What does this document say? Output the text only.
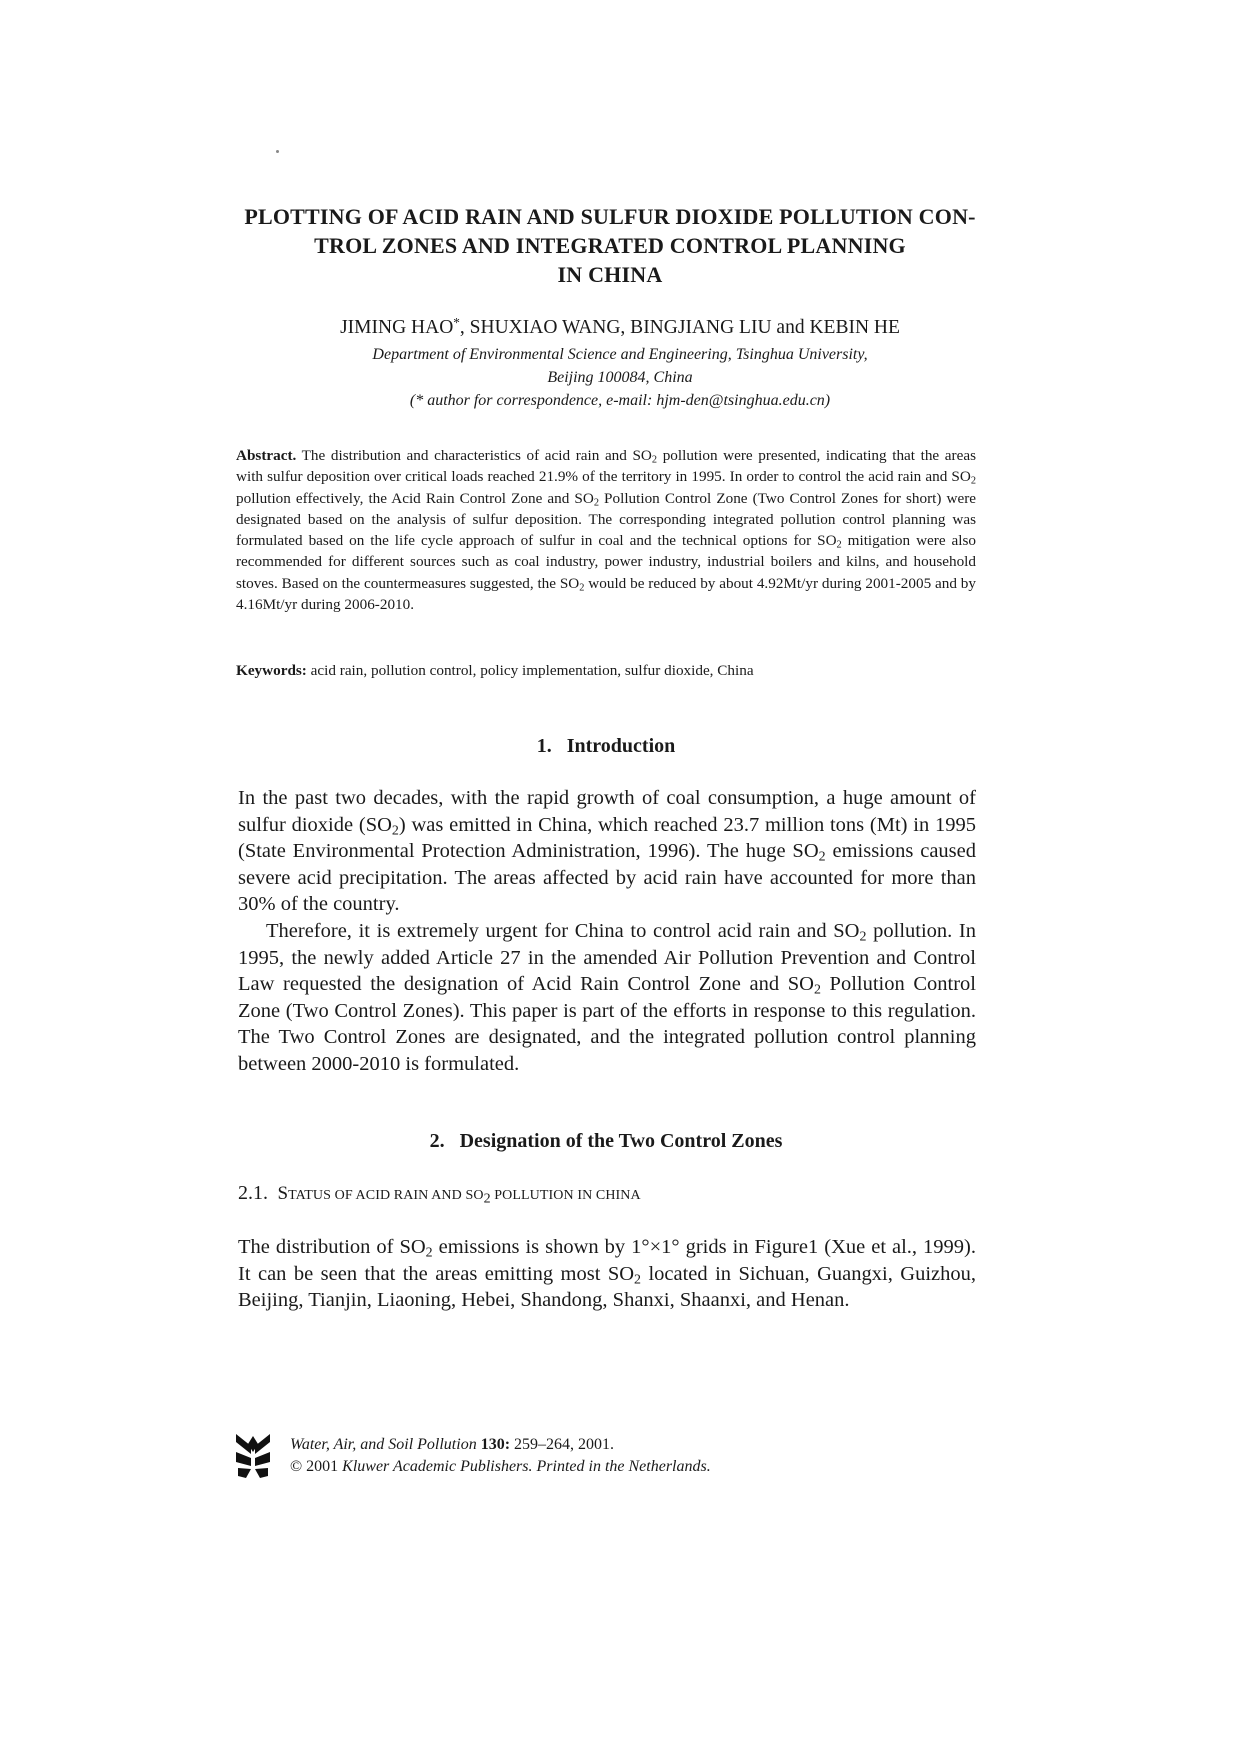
PLOTTING OF ACID RAIN AND SULFUR DIOXIDE POLLUTION CON-
TROL ZONES AND INTEGRATED CONTROL PLANNING
IN CHINA
JIMING HAO*, SHUXIAO WANG, BINGJIANG LIU and KEBIN HE
Department of Environmental Science and Engineering, Tsinghua University,
Beijing 100084, China
(* author for correspondence, e-mail: hjm-den@tsinghua.edu.cn)
Abstract. The distribution and characteristics of acid rain and $SO_2$ pollution were presented, indicating that the areas with sulfur deposition over critical loads reached 21.9% of the territory in 1995. In order to control the acid rain and $SO_2$ pollution effectively, the Acid Rain Control Zone and $SO_2$ Pollution Control Zone (Two Control Zones for short) were designated based on the analysis of sulfur deposition. The corresponding integrated pollution control planning was formulated based on the life cycle approach of sulfur in coal and the technical options for $SO_2$ mitigation were also recommended for different sources such as coal industry, power industry, industrial boilers and kilns, and household stoves. Based on the countermeasures suggested, the $SO_2$ would be reduced by about 4.92Mt/yr during 2001-2005 and by 4.16Mt/yr during 2006-2010.
Keywords: acid rain, pollution control, policy implementation, sulfur dioxide, China
1.   Introduction
In the past two decades, with the rapid growth of coal consumption, a huge amount of sulfur dioxide $(SO_2)$ was emitted in China, which reached 23.7 million tons (Mt) in 1995 (State Environmental Protection Administration, 1996). The huge $SO_2$ emissions caused severe acid precipitation. The areas affected by acid rain have accounted for more than 30% of the country.
Therefore, it is extremely urgent for China to control acid rain and $SO_2$ pollution. In 1995, the newly added Article 27 in the amended Air Pollution Prevention and Control Law requested the designation of Acid Rain Control Zone and $SO_2$ Pollution Control Zone (Two Control Zones). This paper is part of the efforts in response to this regulation. The Two Control Zones are designated, and the integrated pollution control planning between 2000-2010 is formulated.
2.   Designation of the Two Control Zones
2.1. STATUS OF ACID RAIN AND $SO_2$ POLLUTION IN CHINA
The distribution of $SO_2$ emissions is shown by 1°×1° grids in Figure1 (Xue et al., 1999). It can be seen that the areas emitting most $SO_2$ located in Sichuan, Guangxi, Guizhou, Beijing, Tianjin, Liaoning, Hebei, Shandong, Shanxi, Shaanxi, and Henan.
Water, Air, and Soil Pollution 130: 259–264, 2001.
© 2001 Kluwer Academic Publishers. Printed in the Netherlands.
